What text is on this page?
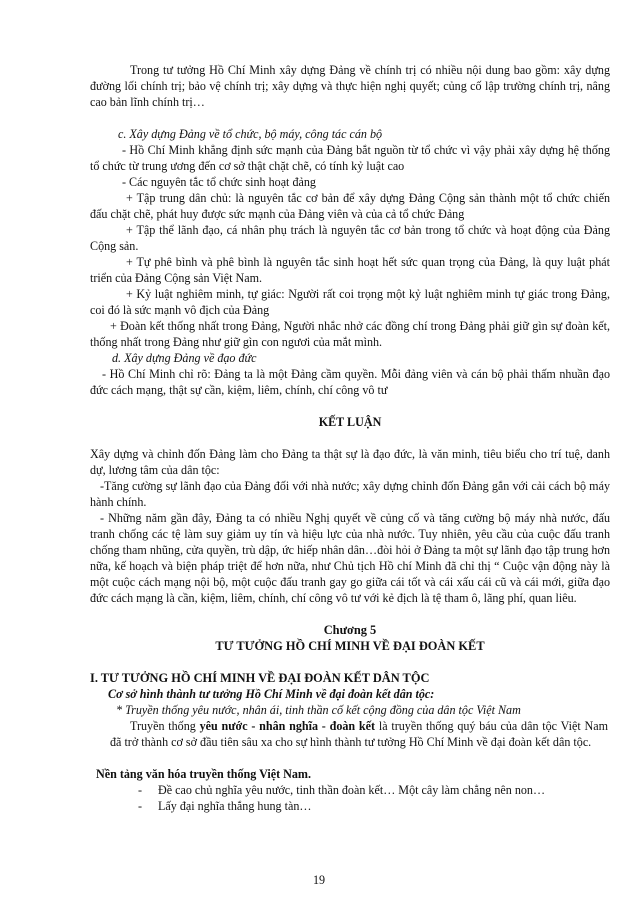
Trong tư tưởng Hồ Chí Minh xây dựng Đảng về chính trị có nhiều nội dung bao gồm: xây dựng đường lối chính trị; bảo vệ chính trị; xây dựng và thực hiện nghị quyết; củng cố lập trường chính trị, nâng cao bản lĩnh chính trị…

c. Xây dựng Đảng về tổ chức, bộ máy, công tác cán bộ

- Hồ Chí Minh khẳng định sức mạnh của Đảng bắt nguồn từ tổ chức vì vậy phải xây dựng hệ thống tổ chức từ trung ương đến cơ sở thật chặt chẽ, có tính kỷ luật cao

- Các nguyên tắc tổ chức sinh hoạt đảng

+ Tập trung dân chủ: là nguyên tắc cơ bản để xây dựng Đảng Cộng sản thành một tổ chức chiến đấu chặt chẽ, phát huy được sức mạnh của Đảng viên và của cả tổ chức Đảng

+ Tập thể lãnh đạo, cá nhân phụ trách là nguyên tắc cơ bản trong tổ chức và hoạt động của Đảng Cộng sản.

+ Tự phê bình và phê bình là nguyên tắc sinh hoạt hết sức quan trọng của Đảng, là quy luật phát triển của Đảng Cộng sản Việt Nam.

+ Kỷ luật nghiêm minh, tự giác: Người rất coi trọng một kỷ luật nghiêm minh tự giác trong Đảng, coi đó là sức mạnh vô địch của Đảng

+ Đoàn kết thống nhất trong Đảng, Người nhắc nhở các đồng chí trong Đảng phải giữ gìn sự đoàn kết, thống nhất trong Đảng như giữ gìn con ngươi của mắt mình.

d. Xây dựng Đảng về đạo đức

- Hồ Chí Minh chỉ rõ: Đảng ta là một Đảng cầm quyền. Mỗi đảng viên và cán bộ phải thấm nhuần đạo đức cách mạng, thật sự cần, kiệm, liêm, chính, chí công vô tư

KẾT LUẬN

Xây dựng và chỉnh đốn Đảng làm cho Đảng ta thật sự là đạo đức, là văn minh, tiêu biểu cho trí tuệ, danh dự, lương tâm của dân tộc:

-Tăng cường sự lãnh đạo của Đảng đối với nhà nước; xây dựng chỉnh đốn Đảng gắn với cải cách bộ máy hành chính.

- Những năm gần đây, Đảng ta có nhiều Nghị quyết về củng cố và tăng cường bộ máy nhà nước, đấu tranh chống các tệ làm suy giảm uy tín và hiệu lực của nhà nước. Tuy nhiên, yêu cầu của cuộc đấu tranh chống tham nhũng, cửa quyền, trù dập, ức hiếp nhân dân…đòi hỏi ở Đảng ta một sự lãnh đạo tập trung hơn nữa, kế hoạch và biện pháp triệt để hơn nữa, như Chủ tịch Hồ chí Minh đã chỉ thị “ Cuộc vận động này là một cuộc cách mạng nội bộ, một cuộc đấu tranh gay go giữa cái tốt và cái xấu cái cũ và cái mới, giữa đạo đức cách mạng là cần, kiệm, liêm, chính, chí công vô tư với kẻ địch là tệ tham ô, lãng phí, quan liêu.

Chương 5

TƯ TƯỞNG HỒ CHÍ MINH VỀ ĐẠI ĐOÀN KẾT

I. TƯ TƯỞNG HỒ CHÍ MINH VỀ ĐẠI ĐOÀN KẾT DÂN TỘC

Cơ sở hình thành tư tưởng Hồ Chí Minh về đại đoàn kết dân tộc:

* Truyền thống yêu nước, nhân ái, tinh thần cố kết cộng đồng của dân tộc Việt Nam

Truyền thống yêu nước - nhân nghĩa - đoàn kết là truyền thống quý báu của dân tộc Việt Nam đã trở thành cơ sở đầu tiên sâu xa cho sự hình thành tư tưởng Hồ Chí Minh về đại đoàn kết dân tộc.

Nền tảng văn hóa truyền thống Việt Nam.

- Đề cao chủ nghĩa yêu nước, tinh thần đoàn kết… Một cây làm chẳng nên non…
- Lấy đại nghĩa thắng hung tàn…
19
